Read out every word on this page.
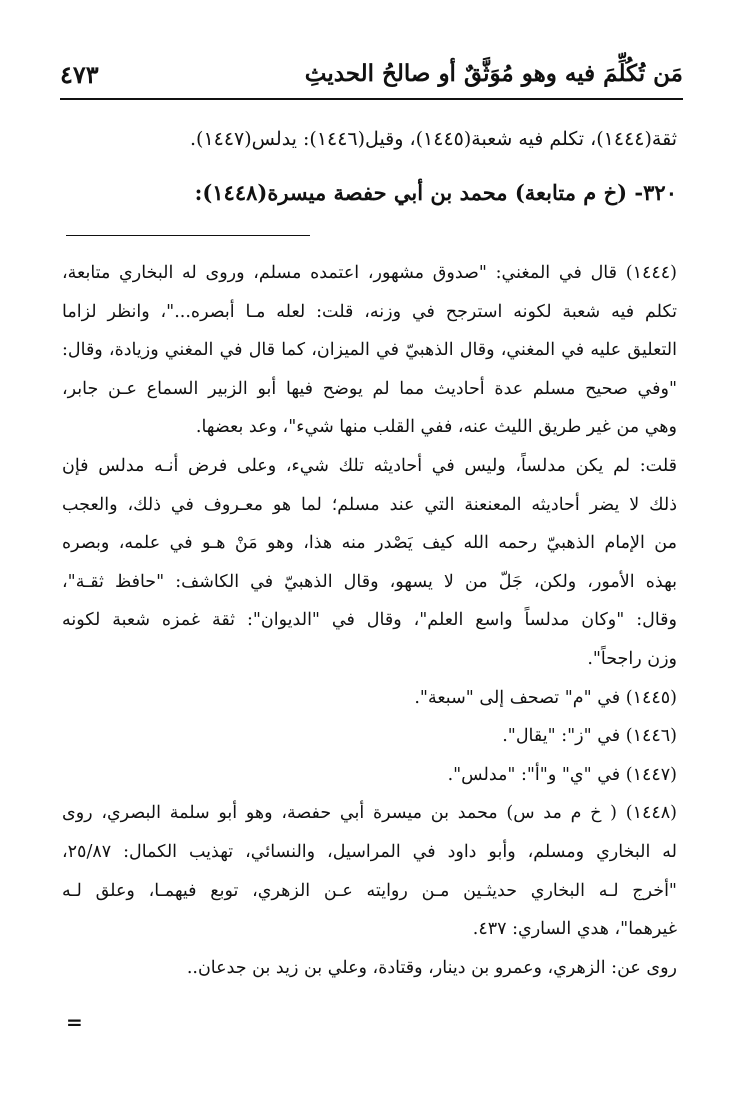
مَن تُكُلِّمَ فيه وهو مُوَثَّقٌ أو صالحُ الحديثِ
٤٧٣
ثقة(١٤٤٤)، تكلم فيه شعبة(١٤٤٥)، وقيل(١٤٤٦): يدلس(١٤٤٧).
٣٢٠- (خ م متابعة) محمد بن أبي حفصة ميسرة(١٤٤٨):
(١٤٤٤) قال في المغني: "صدوق مشهور، اعتمده مسلم، وروى له البخاري متابعة،
تكلم فيه شعبة لكونه استرجح في وزنه، قلت: لعله مـا أبصره..."، وانظر لزاما
التعليق عليه في المغني، وقال الذهبيّ في الميزان، كما قال في المغني وزيادة، وقال:
"وفي صحيح مسلم عدة أحاديث مما لم يوضح فيها أبو الزبير السماع عـن جابر،
وهي من غير طريق الليث عنه، ففي القلب منها شيء"، وعد بعضها.
قلت: لم يكن مدلساً، وليس في أحاديثه تلك شيء، وعلى فرض أنـه مدلس فإن
ذلك لا يضر أحاديثه المعنعنة التي عند مسلم؛ لما هو معـروف في ذلك، والعجب
من الإمام الذهبيّ رحمه الله كيف يَصْدر منه هذا، وهو مَنْ هـو في علمه، وبصره
بهذه الأمور، ولكن، جَلّ من لا يسهو، وقال الذهبيّ في الكاشف: "حافظ ثقـة"،
وقال: "وكان مدلساً واسع العلم"، وقال في "الديوان": ثقة غمزه شعبة لكونه
وزن راجحاً".
(١٤٤٥) في "م" تصحف إلى "سبعة".
(١٤٤٦) في "ز": "يقال".
(١٤٤٧) في "ي" و"أ": "مدلس".
(١٤٤٨) ( خ م مد س) محمد بن ميسرة أبي حفصة، وهو أبو سلمة البصري، روى
له البخاري ومسلم، وأبو داود في المراسيل، والنسائي، تهذيب الكمال: ٢٥/٨٧،
"أخرج لـه البخاري حديثـين مـن روايته عـن الزهري، توبع فيهمـا، وعلق لـه
غيرهما"، هدي الساري: ٤٣٧.
روى عن: الزهري، وعمرو بن دينار، وقتادة، وعلي بن زيد بن جدعان..
=
